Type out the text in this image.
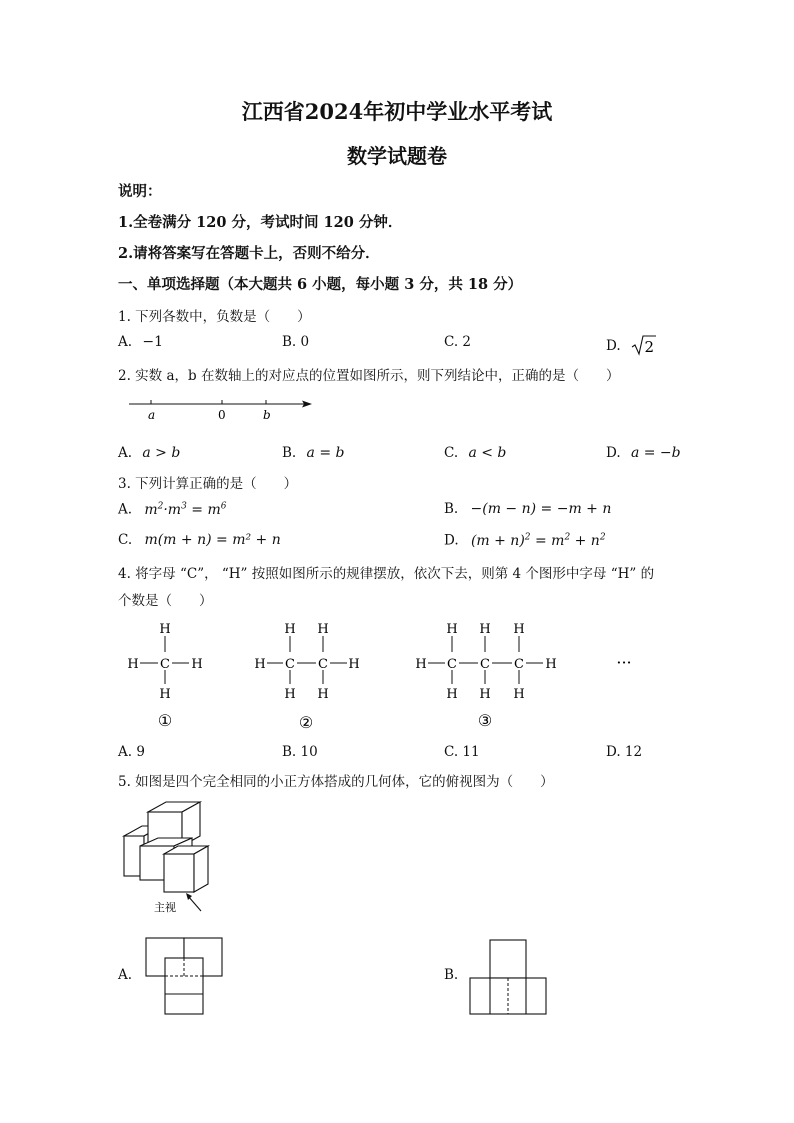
江西省2024年初中学业水平考试
数学试题卷
说明：
1.全卷满分 120 分，考试时间 120 分钟．
2.请将答案写在答题卡上，否则不给分．
一、单项选择题（本大题共 6 小题，每小题 3 分，共 18 分）
1. 下列各数中，负数是（　　）
A. −1	B. 0	C. 2	D. 2
2. 实数 a，b 在数轴上的对应点的位置如图所示，则下列结论中，正确的是（　　）
a	0	b
A. a > b	B. a = b	C. a < b	D. a = −b
3. 下列计算正确的是（　　）
A. $m^2\cdot m^3 = m^6$	B. −(m − n) = −m + n
C. m(m + n) = m² + n	D. $(m + n)^2 = m^2 + n^2$
4. 将字母 “C”， “H” 按照如图所示的规律摆放，依次下去，则第 4 个图形中字母 “H” 的
个数是（　　）
H
C
H
H	H
H H
C C
H H
H	H
H H H
C C C
H H H
H	H	···
①	②	③
A. 9	B. 10	C. 11	D. 12
5. 如图是四个完全相同的小正方体搭成的几何体，它的俯视图为（　　）
主视
A.	B.
